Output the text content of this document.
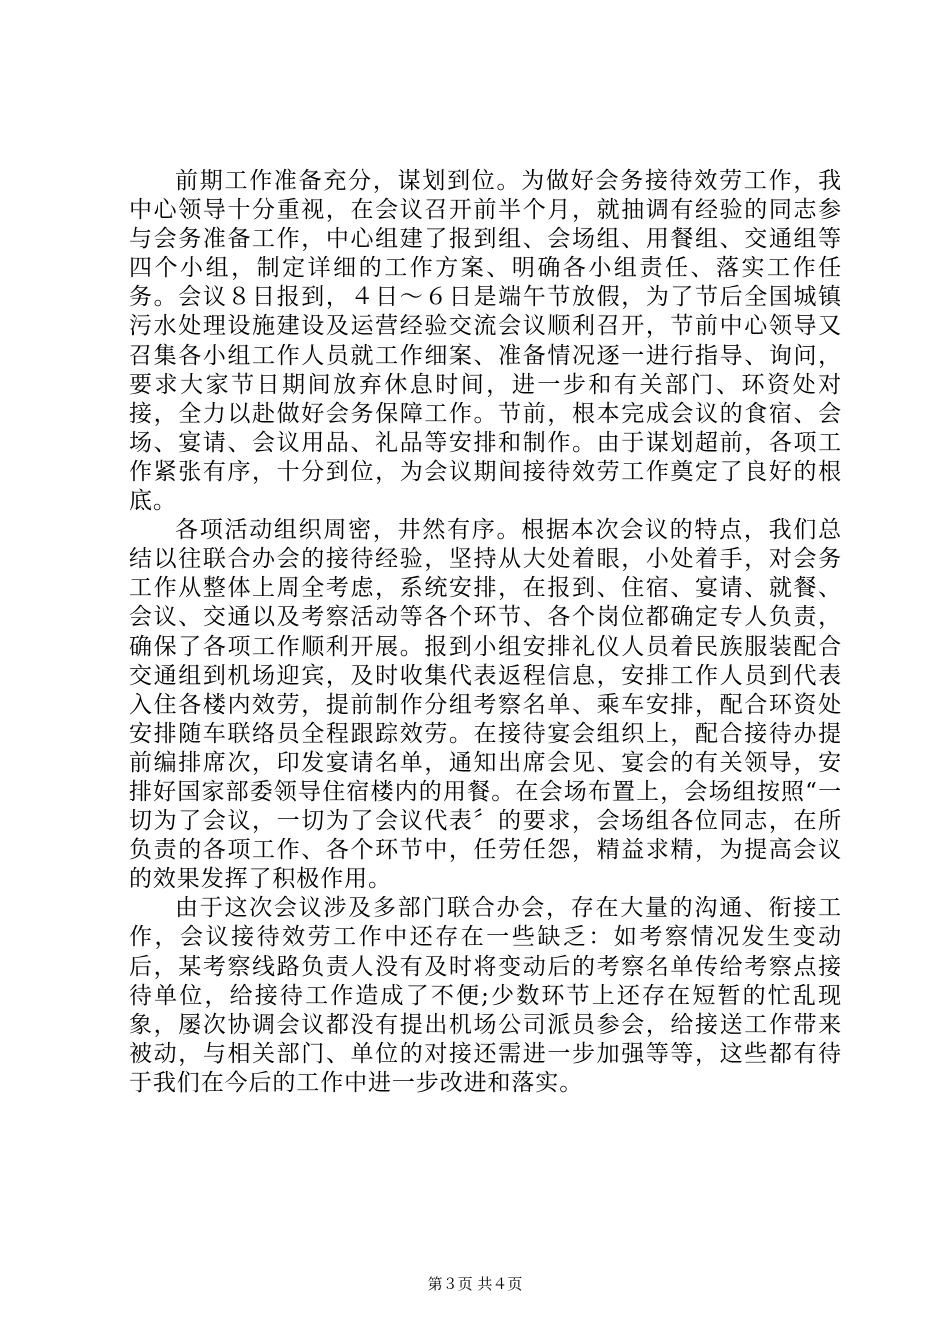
前期工作准备充分，谋划到位。为做好会务接待效劳工作，我中心领导十分重视，在会议召开前半个月，就抽调有经验的同志参与会务准备工作，中心组建了报到组、会场组、用餐组、交通组等四个小组，制定详细的工作方案、明确各小组责任、落实工作任务。会议８日报到，４日～６日是端午节放假，为了节后全国城镇污水处理设施建设及运营经验交流会议顺利召开，节前中心领导又召集各小组工作人员就工作细案、准备情况逐一进行指导、询问，要求大家节日期间放弃休息时间，进一步和有关部门、环资处对接，全力以赴做好会务保障工作。节前，根本完成会议的食宿、会场、宴请、会议用品、礼品等安排和制作。由于谋划超前，各项工作紧张有序，十分到位，为会议期间接待效劳工作奠定了良好的根底。

各项活动组织周密，井然有序。根据本次会议的特点，我们总结以往联合办会的接待经验，坚持从大处着眼，小处着手，对会务工作从整体上周全考虑，系统安排，在报到、住宿、宴请、就餐、会议、交通以及考察活动等各个环节、各个岗位都确定专人负责，确保了各项工作顺利开展。报到小组安排礼仪人员着民族服装配合交通组到机场迎宾，及时收集代表返程信息，安排工作人员到代表入住各楼内效劳，提前制作分组考察名单、乘车安排，配合环资处安排随车联络员全程跟踪效劳。在接待宴会组织上，配合接待办提前编排席次，印发宴请名单，通知出席会见、宴会的有关领导，安排好国家部委领导住宿楼内的用餐。在会场布置上，会场组按照“一切为了会议，一切为了会议代表〞的要求，会场组各位同志，在所负责的各项工作、各个环节中，任劳任怨，精益求精，为提高会议的效果发挥了积极作用。

由于这次会议涉及多部门联合办会，存在大量的沟通、衔接工作，会议接待效劳工作中还存在一些缺乏：如考察情况发生变动后，某考察线路负责人没有及时将变动后的考察名单传给考察点接待单位，给接待工作造成了不便;少数环节上还存在短暂的忙乱现象，屡次协调会议都没有提出机场公司派员参会，给接送工作带来被动，与相关部门、单位的对接还需进一步加强等等，这些都有待于我们在今后的工作中进一步改进和落实。

第３页 共４页
